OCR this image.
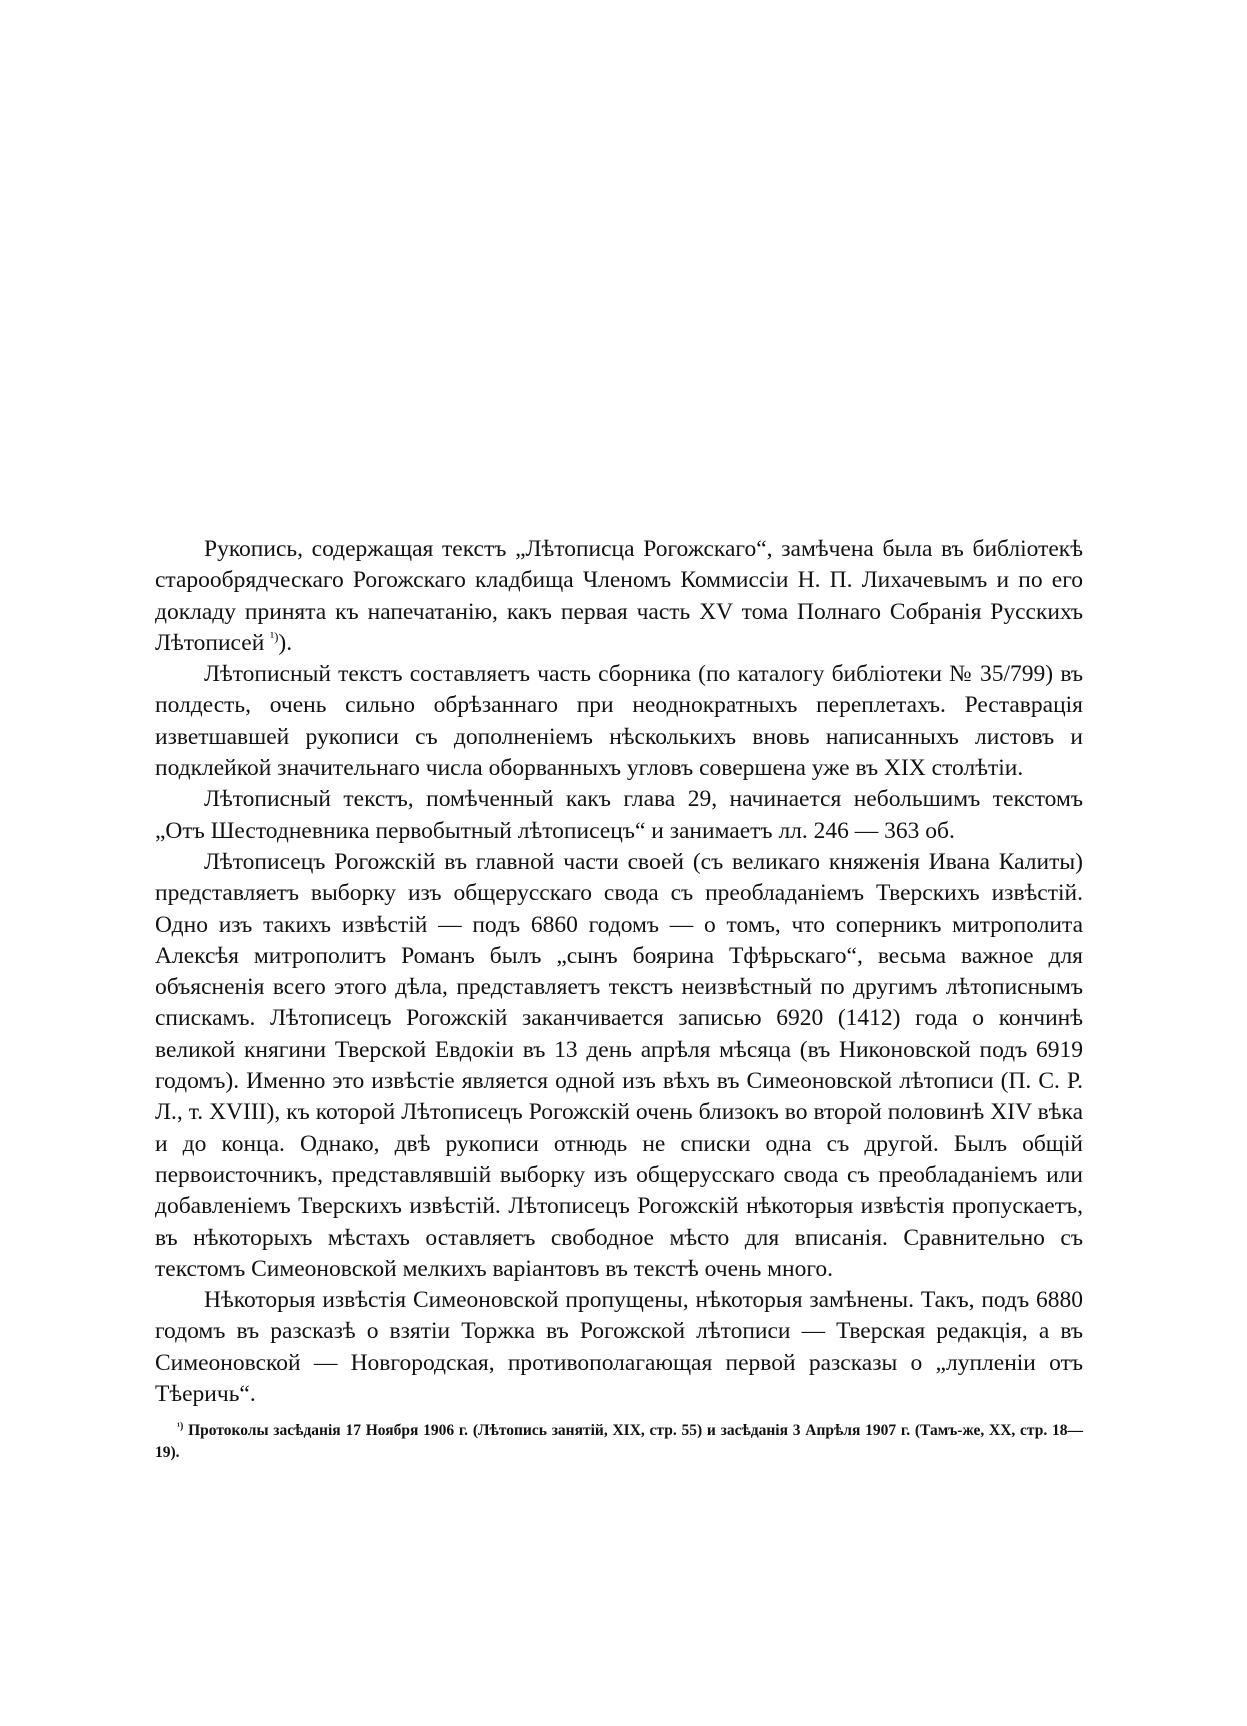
Рукопись, содержащая текстъ „Лѣтописца Рогожскаго“, замѣчена была въ библіотекѣ старообрядческаго Рогожскаго кладбища Членомъ Коммиссіи Н. П. Лихачевымъ и по его докладу принята къ напечатанію, какъ первая часть XV тома Полнаго Собранія Русскихъ Лѣтописей $^{^1)}$).

Лѣтописный текстъ составляетъ часть сборника (по каталогу библіотеки № 35/799) въ полдесть, очень сильно обрѣзаннаго при неоднократныхъ переплетахъ. Реставрація изветшавшей рукописи съ дополненіемъ нѣсколькихъ вновь написанныхъ листовъ и подклейкой значительнаго числа оборванныхъ угловъ совершена уже въ XIX столѣтіи.

Лѣтописный текстъ, помѣченный какъ глава 29, начинается небольшимъ текстомъ „Отъ Шестодневника первобытный лѣтописецъ“ и занимаетъ лл. 246 — 363 об.

Лѣтописецъ Рогожскій въ главной части своей (съ великаго княженія Ивана Калиты) представляетъ выборку изъ общерусскаго свода съ преобладаніемъ Тверскихъ извѣстій. Одно изъ такихъ извѣстій — подъ 6860 годомъ — о томъ, что соперникъ митрополита Алексѣя митрополитъ Романъ былъ „сынъ боярина Тфѣрьскаго“, весьма важное для объясненія всего этого дѣла, представляетъ текстъ неизвѣстный по другимъ лѣтописнымъ спискамъ. Лѣтописецъ Рогожскій заканчивается записью 6920 (1412) года о кончинѣ великой княгини Тверской Евдокіи въ 13 день апрѣля мѣсяца (въ Никоновской подъ 6919 годомъ). Именно это извѣстіе является одной изъ вѣхъ въ Симеоновской лѣтописи (П. С. Р. Л., т. XVIII), къ которой Лѣтописецъ Рогожскій очень близокъ во второй половинѣ XIV вѣка и до конца. Однако, двѣ рукописи отнюдь не списки одна съ другой. Былъ общій первоисточникъ, представлявшій выборку изъ общерусскаго свода съ преобладаніемъ или добавленіемъ Тверскихъ извѣстій. Лѣтописецъ Рогожскій нѣкоторыя извѣстія пропускаетъ, въ нѣкоторыхъ мѣстахъ оставляетъ свободное мѣсто для вписанія. Сравнительно съ текстомъ Симеоновской мелкихъ варіантовъ въ текстѣ очень много.

Нѣкоторыя извѣстія Симеоновской пропущены, нѣкоторыя замѣнены. Такъ, подъ 6880 годомъ въ разсказѣ о взятіи Торжка въ Рогожской лѣтописи — Тверская редакція, а въ Симеоновской — Новгородская, противополагающая первой разсказы о „лупленіи отъ Тѣеричь“.

$^{^1)}$ Протоколы засѣданія 17 Ноября 1906 г. (Лѣтопись занятій, XIX, стр. 55) и засѣданія 3 Апрѣля 1907 г. (Тамъ-же, XX, стр. 18—19).
